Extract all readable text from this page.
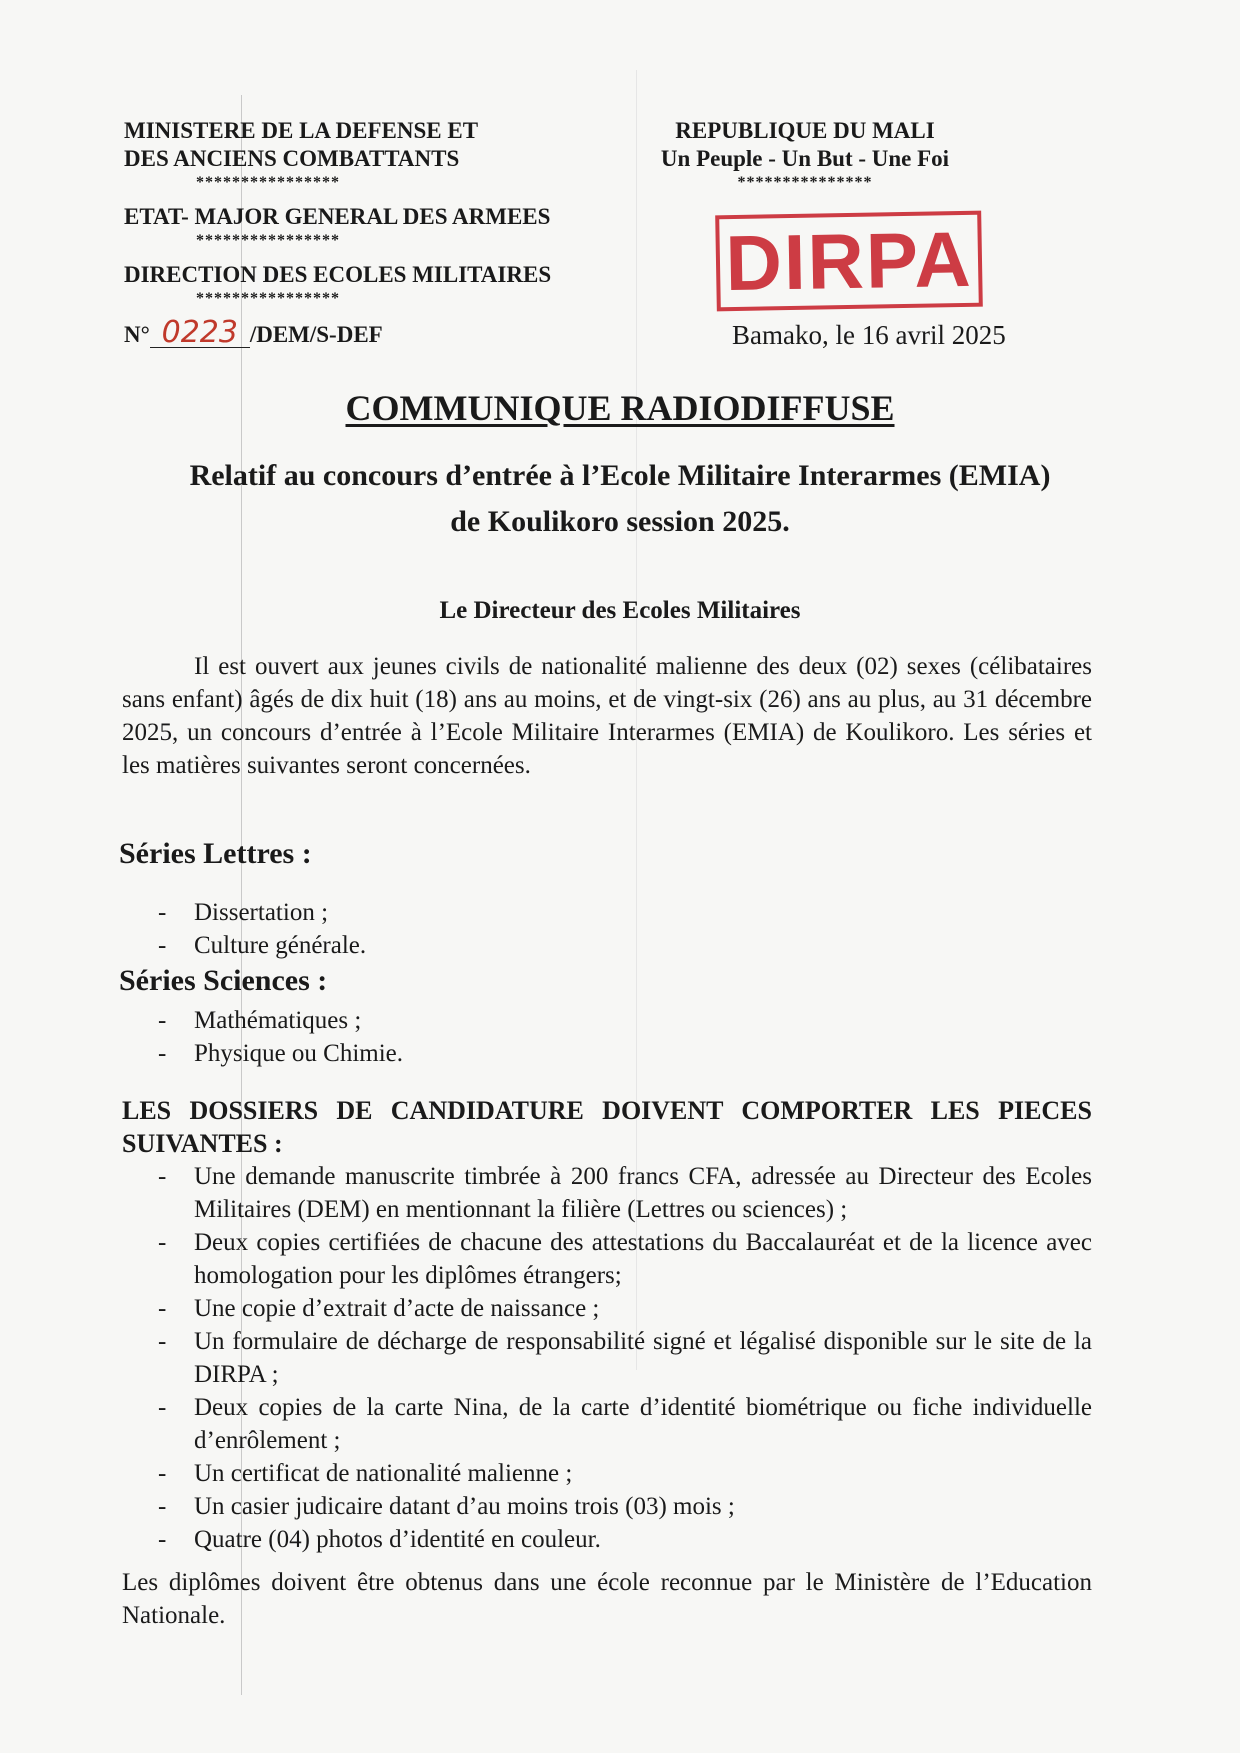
MINISTERE DE LA DEFENSE ET
DES ANCIENS COMBATTANTS
****************
ETAT- MAJOR GENERAL DES ARMEES
****************
DIRECTION DES ECOLES MILITAIRES
****************
N° 0223 /DEM/S-DEF
REPUBLIQUE DU MALI
Un Peuple - Un But - Une Foi
***************
DIRPA
Bamako, le 16 avril 2025
COMMUNIQUE RADIODIFFUSE
Relatif au concours d’entrée à l’Ecole Militaire Interarmes (EMIA)
de Koulikoro session 2025.
Le Directeur des Ecoles Militaires
Il est ouvert aux jeunes civils de nationalité malienne des deux (02) sexes (célibataires sans enfant) âgés de dix huit (18) ans au moins, et de vingt-six (26) ans au plus, au 31 décembre 2025, un concours d’entrée à l’Ecole Militaire Interarmes (EMIA) de Koulikoro. Les séries et les matières suivantes seront concernées.
Séries Lettres :
- Dissertation ;
- Culture générale.
Séries Sciences :
- Mathématiques ;
- Physique ou Chimie.
LES DOSSIERS DE CANDIDATURE DOIVENT COMPORTER LES PIECES SUIVANTES :
- Une demande manuscrite timbrée à 200 francs CFA, adressée au Directeur des Ecoles Militaires (DEM) en mentionnant la filière (Lettres ou sciences) ;
- Deux copies certifiées de chacune des attestations du Baccalauréat et de la licence avec homologation pour les diplômes étrangers;
- Une copie d’extrait d’acte de naissance ;
- Un formulaire de décharge de responsabilité signé et légalisé disponible sur le site de la DIRPA ;
- Deux copies de la carte Nina, de la carte d’identité biométrique ou fiche individuelle d’enrôlement ;
- Un certificat de nationalité malienne ;
- Un casier judicaire datant d’au moins trois (03) mois ;
- Quatre (04) photos d’identité en couleur.
Les diplômes doivent être obtenus dans une école reconnue par le Ministère de l’Education Nationale.
